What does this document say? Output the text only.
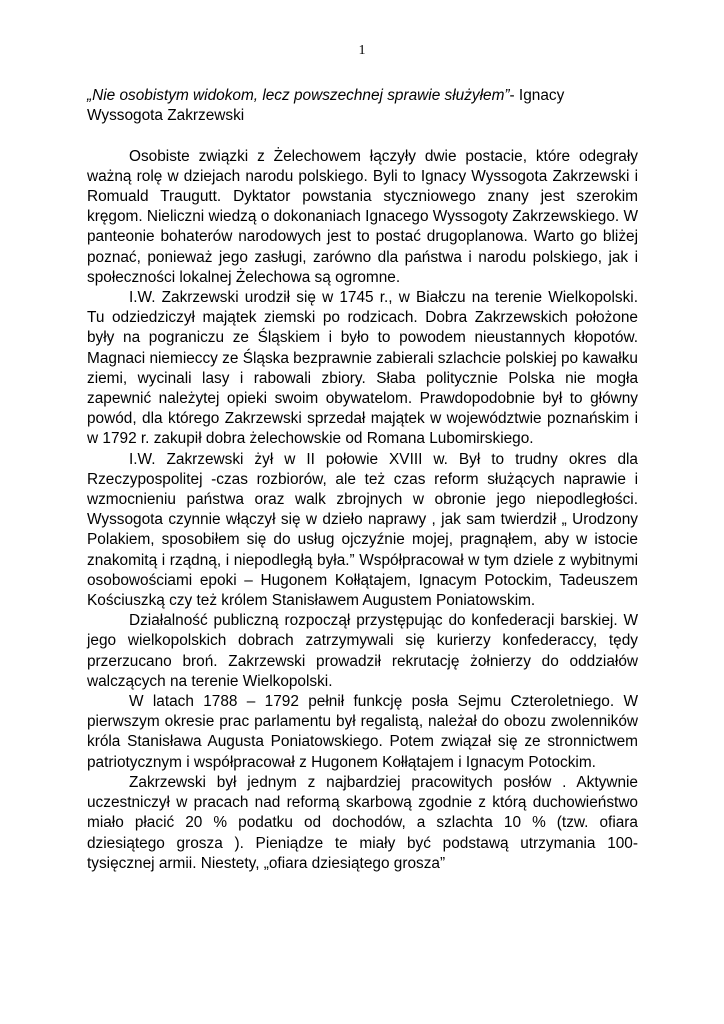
1

„Nie osobistym widokom, lecz powszechnej sprawie służyłem”- Ignacy Wyssogota Zakrzewski

Osobiste związki z Żelechowem łączyły dwie postacie, które odegrały ważną rolę w dziejach narodu polskiego. Byli to Ignacy Wyssogota Zakrzewski i Romuald Traugutt. Dyktator powstania styczniowego znany jest szerokim kręgom. Nieliczni wiedzą o dokonaniach Ignacego Wyssogoty Zakrzewskiego. W panteonie bohaterów narodowych jest to postać drugoplanowa. Warto go bliżej poznać, ponieważ jego zasługi, zarówno dla państwa i narodu polskiego, jak i społeczności lokalnej Żelechowa są ogromne.

I.W. Zakrzewski urodził się w 1745 r., w Białczu na terenie Wielkopolski. Tu odziedziczył majątek ziemski po rodzicach. Dobra Zakrzewskich położone były na pograniczu ze Śląskiem i było to powodem nieustannych kłopotów. Magnaci niemieccy ze Śląska bezprawnie zabierali szlachcie polskiej po kawałku ziemi, wycinali lasy i rabowali zbiory. Słaba politycznie Polska nie mogła zapewnić należytej opieki swoim obywatelom. Prawdopodobnie był to główny powód, dla którego Zakrzewski sprzedał majątek w województwie poznańskim i w 1792 r. zakupił dobra żelechowskie od Romana Lubomirskiego.

I.W. Zakrzewski żył w II połowie XVIII w. Był to trudny okres dla Rzeczypospolitej -czas rozbiorów, ale też czas reform służących naprawie i wzmocnieniu państwa oraz walk zbrojnych w obronie jego niepodległości. Wyssogota czynnie włączył się w dzieło naprawy , jak sam twierdził „ Urodzony Polakiem, sposobiłem się do usług ojczyźnie mojej, pragnąłem, aby w istocie znakomitą i rządną, i niepodległą była.” Współpracował w tym dziele z wybitnymi osobowościami epoki – Hugonem Kołłątajem, Ignacym Potockim, Tadeuszem Kościuszką czy też królem Stanisławem Augustem Poniatowskim.

Działalność publiczną rozpoczął przystępując do konfederacji barskiej. W jego wielkopolskich dobrach zatrzymywali się kurierzy konfederaccy, tędy przerzucano broń. Zakrzewski prowadził rekrutację żołnierzy do oddziałów walczących na terenie Wielkopolski.

W latach 1788 – 1792 pełnił funkcję posła Sejmu Czteroletniego. W pierwszym okresie prac parlamentu był regalistą, należał do obozu zwolenników króla Stanisława Augusta Poniatowskiego. Potem związał się ze stronnictwem patriotycznym i współpracował z Hugonem Kołłątajem i Ignacym Potockim.

Zakrzewski był jednym z najbardziej pracowitych posłów . Aktywnie uczestniczył w pracach nad reformą skarbową zgodnie z którą duchowieństwo miało płacić 20 % podatku od dochodów, a szlachta 10 % (tzw. ofiara dziesiątego grosza ). Pieniądze te miały być podstawą utrzymania 100-tysięcznej armii. Niestety, „ofiara dziesiątego grosza”
